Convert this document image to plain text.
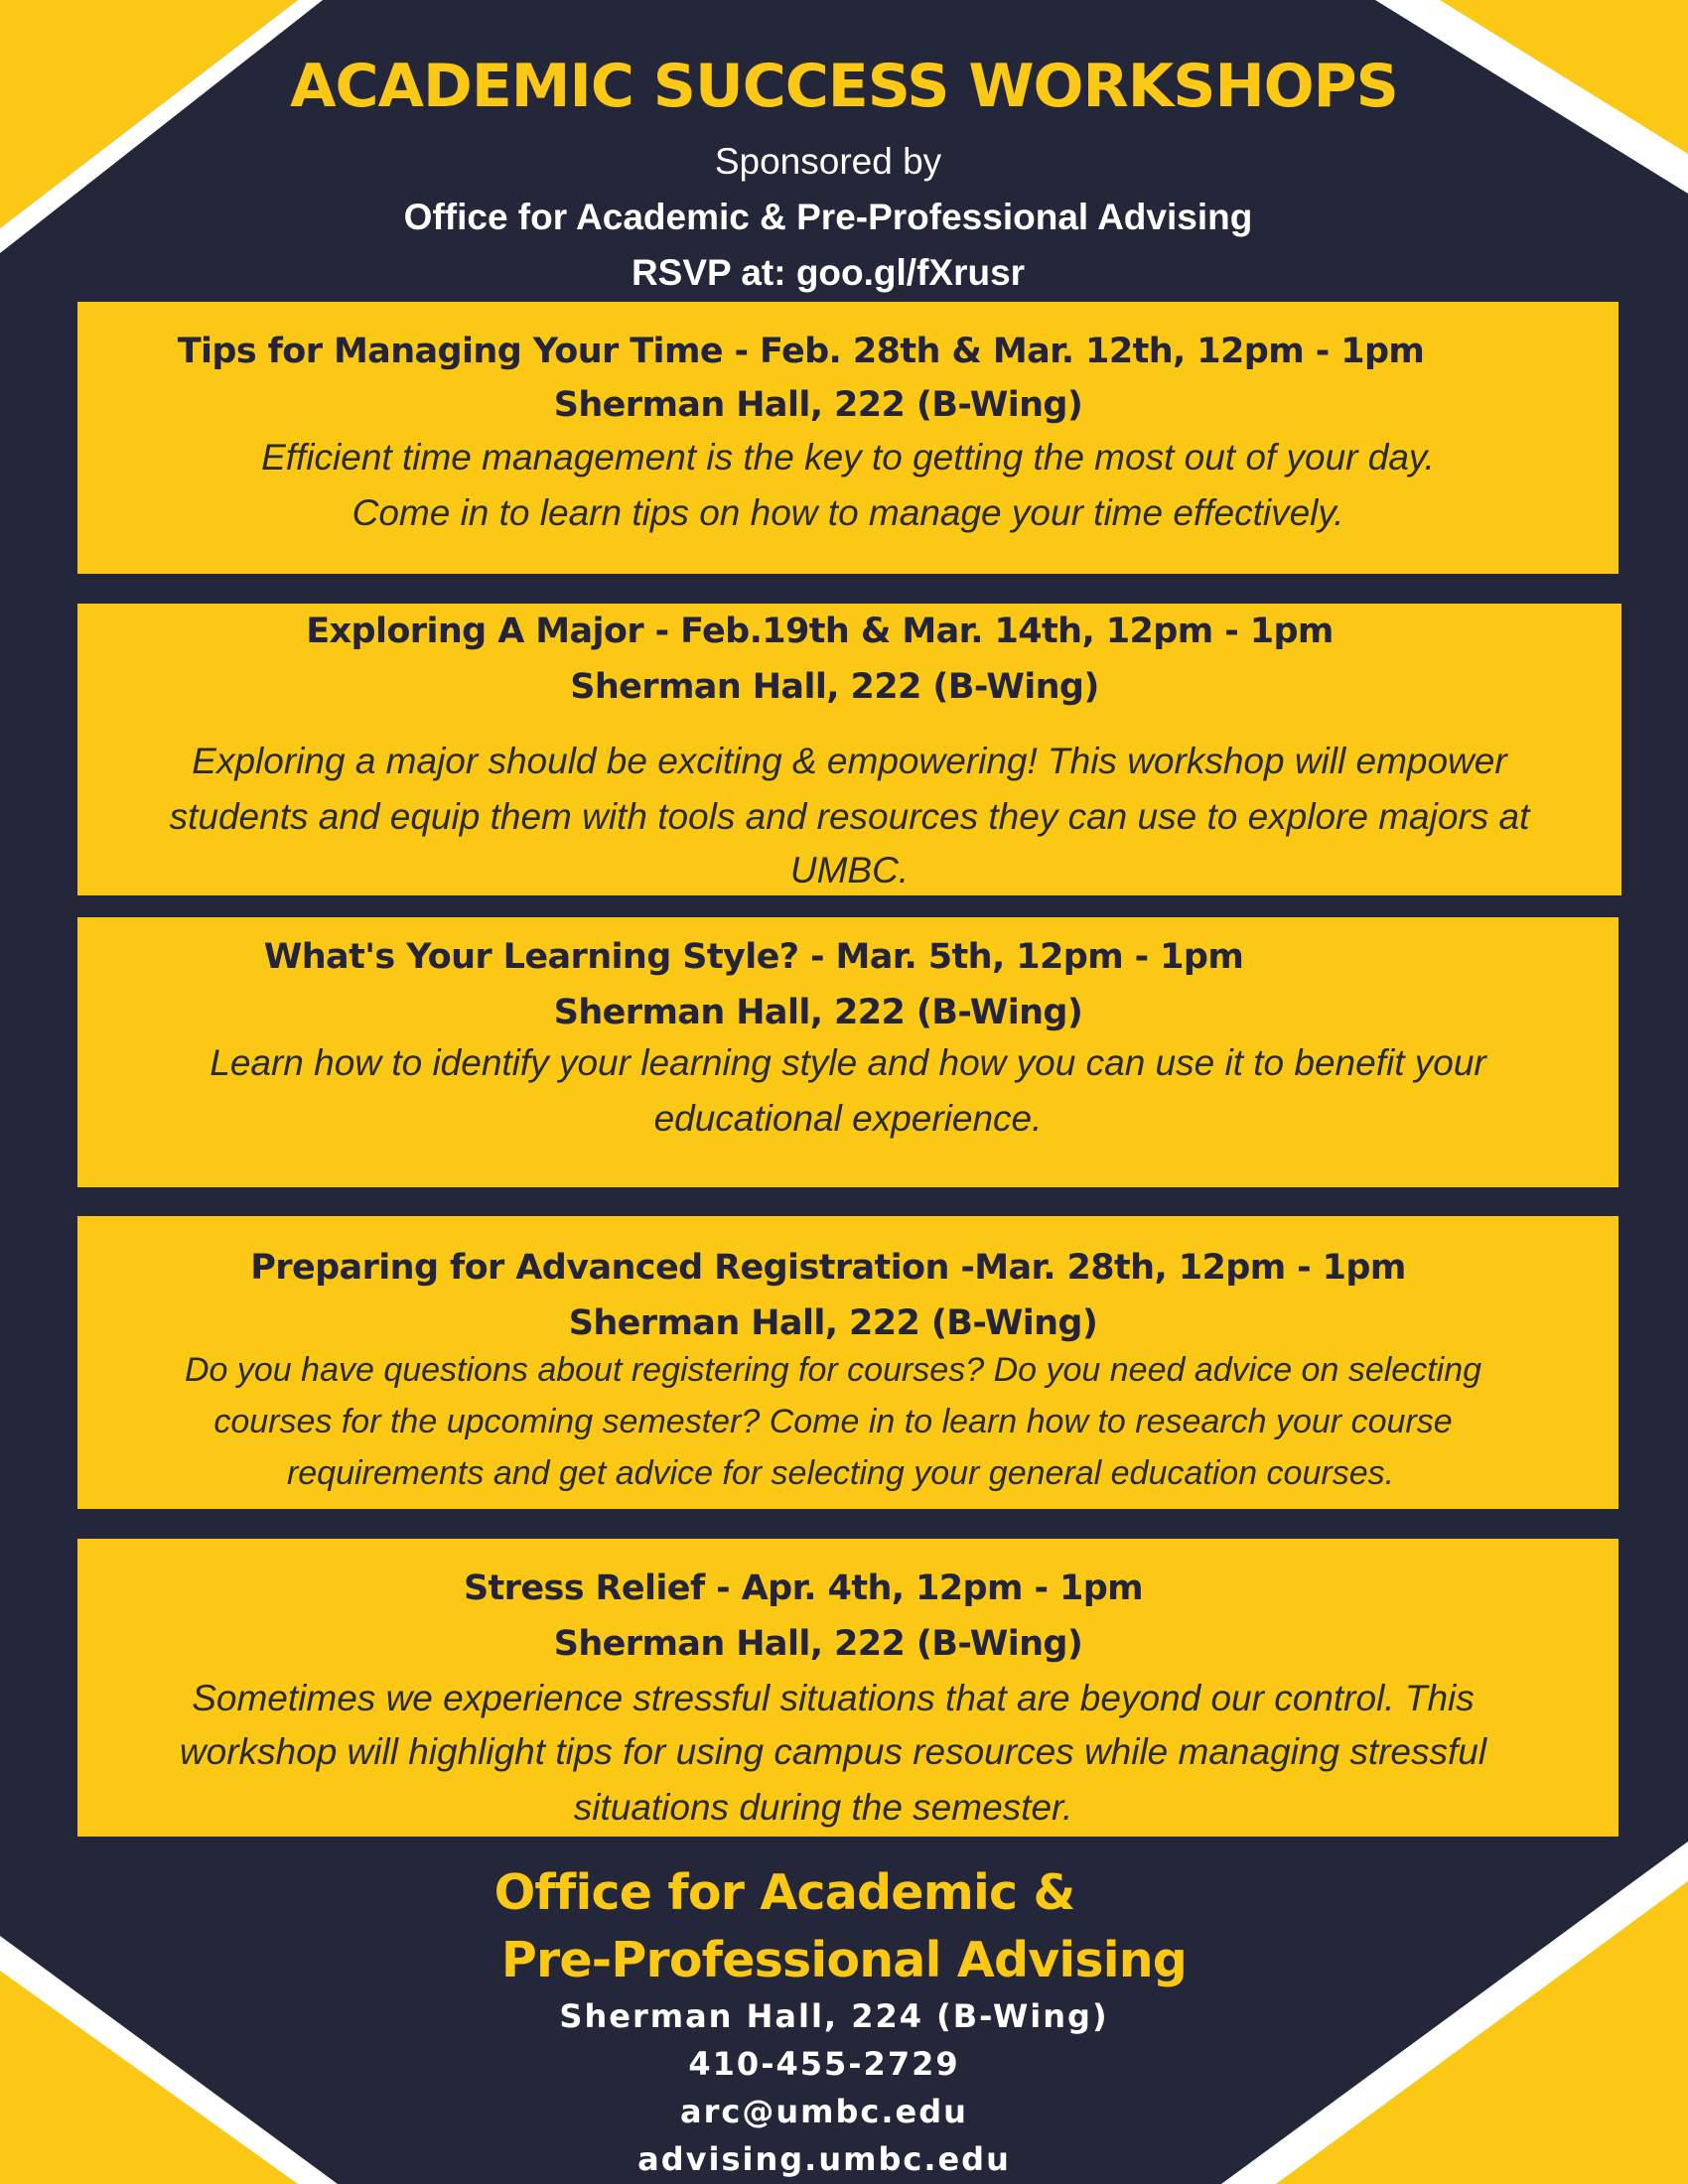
ACADEMIC SUCCESS WORKSHOPS
Sponsored by
Office for Academic & Pre-Professional Advising
RSVP at: goo.gl/fXrusr
Tips for Managing Your Time - Feb. 28th & Mar. 12th, 12pm - 1pm
Sherman Hall, 222 (B-Wing)
Efficient time management is the key to getting the most out of your day.
Come in to learn tips on how to manage your time effectively.
Exploring A Major - Feb.19th & Mar. 14th, 12pm - 1pm
Sherman Hall, 222 (B-Wing)
Exploring a major should be exciting & empowering! This workshop will empower
students and equip them with tools and resources they can use to explore majors at
UMBC.
What's Your Learning Style? - Mar. 5th, 12pm - 1pm
Sherman Hall, 222 (B-Wing)
Learn how to identify your learning style and how you can use it to benefit your
educational experience.
Preparing for Advanced Registration -Mar. 28th, 12pm - 1pm
Sherman Hall, 222 (B-Wing)
Do you have questions about registering for courses? Do you need advice on selecting
courses for the upcoming semester? Come in to learn how to research your course
requirements and get advice for selecting your general education courses.
Stress Relief - Apr. 4th, 12pm - 1pm
Sherman Hall, 222 (B-Wing)
Sometimes we experience stressful situations that are beyond our control. This
workshop will highlight tips for using campus resources while managing stressful
situations during the semester.
Office for Academic &
Pre-Professional Advising
Sherman Hall, 224 (B-Wing)
410-455-2729
arc@umbc.edu
advising.umbc.edu
